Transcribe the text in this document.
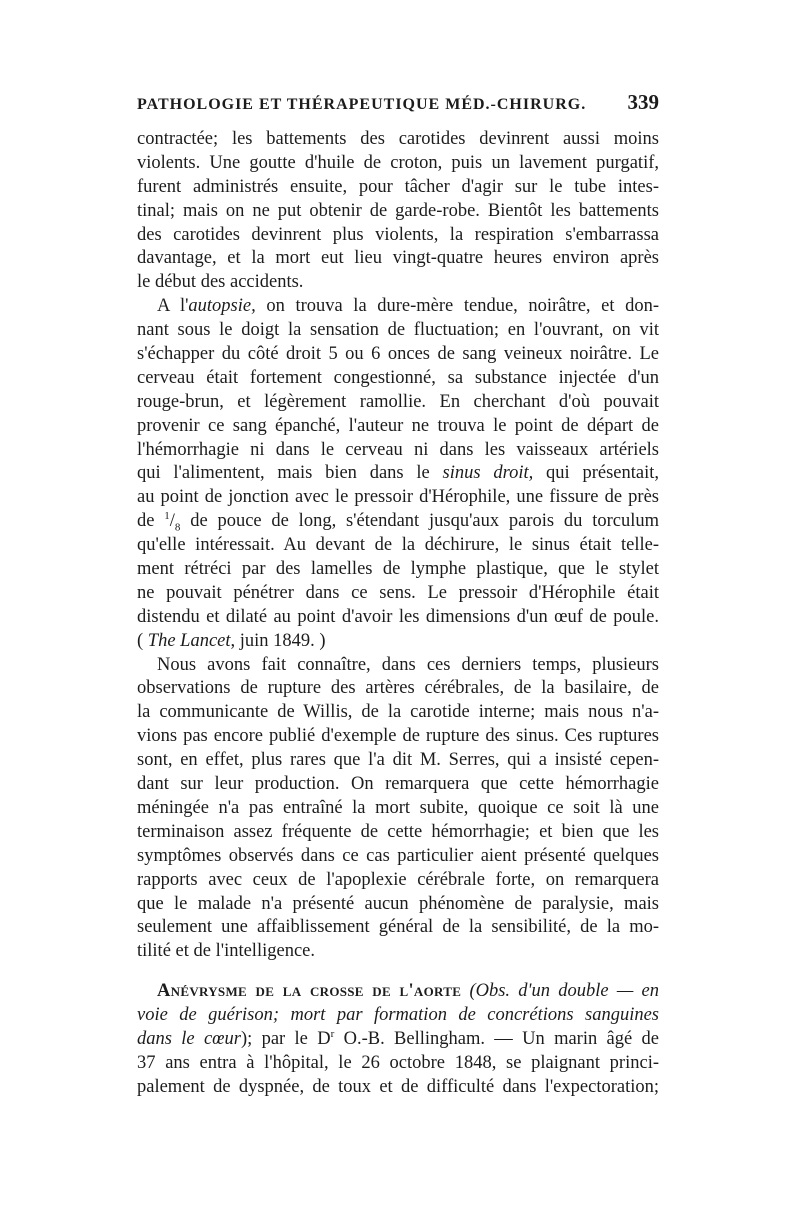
PATHOLOGIE ET THÉRAPEUTIQUE MÉD.-CHIRURG. 339
contractée; les battements des carotides devinrent aussi moins
violents. Une goutte d'huile de croton, puis un lavement purgatif,
furent administrés ensuite, pour tâcher d'agir sur le tube intes-
tinal; mais on ne put obtenir de garde-robe. Bientôt les battements
des carotides devinrent plus violents, la respiration s'embarrassa
davantage, et la mort eut lieu vingt-quatre heures environ après
le début des accidents.
A l'autopsie, on trouva la dure-mère tendue, noirâtre, et don-
nant sous le doigt la sensation de fluctuation; en l'ouvrant, on vit
s'échapper du côté droit 5 ou 6 onces de sang veineux noirâtre. Le
cerveau était fortement congestionné, sa substance injectée d'un
rouge-brun, et légèrement ramollie. En cherchant d'où pouvait
provenir ce sang épanché, l'auteur ne trouva le point de départ de
l'hémorrhagie ni dans le cerveau ni dans les vaisseaux artériels
qui l'alimentent, mais bien dans le sinus droit, qui présentait,
au point de jonction avec le pressoir d'Hérophile, une fissure de près
de $^1/_8$ de pouce de long, s'étendant jusqu'aux parois du torculum
qu'elle intéressait. Au devant de la déchirure, le sinus était telle-
ment rétréci par des lamelles de lymphe plastique, que le stylet
ne pouvait pénétrer dans ce sens. Le pressoir d'Hérophile était
distendu et dilaté au point d'avoir les dimensions d'un œuf de poule.
( The Lancet, juin 1849. )
Nous avons fait connaître, dans ces derniers temps, plusieurs
observations de rupture des artères cérébrales, de la basilaire, de
la communicante de Willis, de la carotide interne; mais nous n'a-
vions pas encore publié d'exemple de rupture des sinus. Ces ruptures
sont, en effet, plus rares que l'a dit M. Serres, qui a insisté cepen-
dant sur leur production. On remarquera que cette hémorrhagie
méningée n'a pas entraîné la mort subite, quoique ce soit là une
terminaison assez fréquente de cette hémorrhagie; et bien que les
symptômes observés dans ce cas particulier aient présenté quelques
rapports avec ceux de l'apoplexie cérébrale forte, on remarquera
que le malade n'a présenté aucun phénomène de paralysie, mais
seulement une affaiblissement général de la sensibilité, de la mo-
tilité et de l'intelligence.
Anévrysme de la crosse de l'aorte (Obs. d'un double — en
voie de guérison; mort par formation de concrétions sanguines
dans le cœur); par le $D^r$ O.-B. Bellingham. — Un marin âgé de
37 ans entra à l'hôpital, le 26 octobre 1848, se plaignant princi-
palement de dyspnée, de toux et de difficulté dans l'expectoration;
